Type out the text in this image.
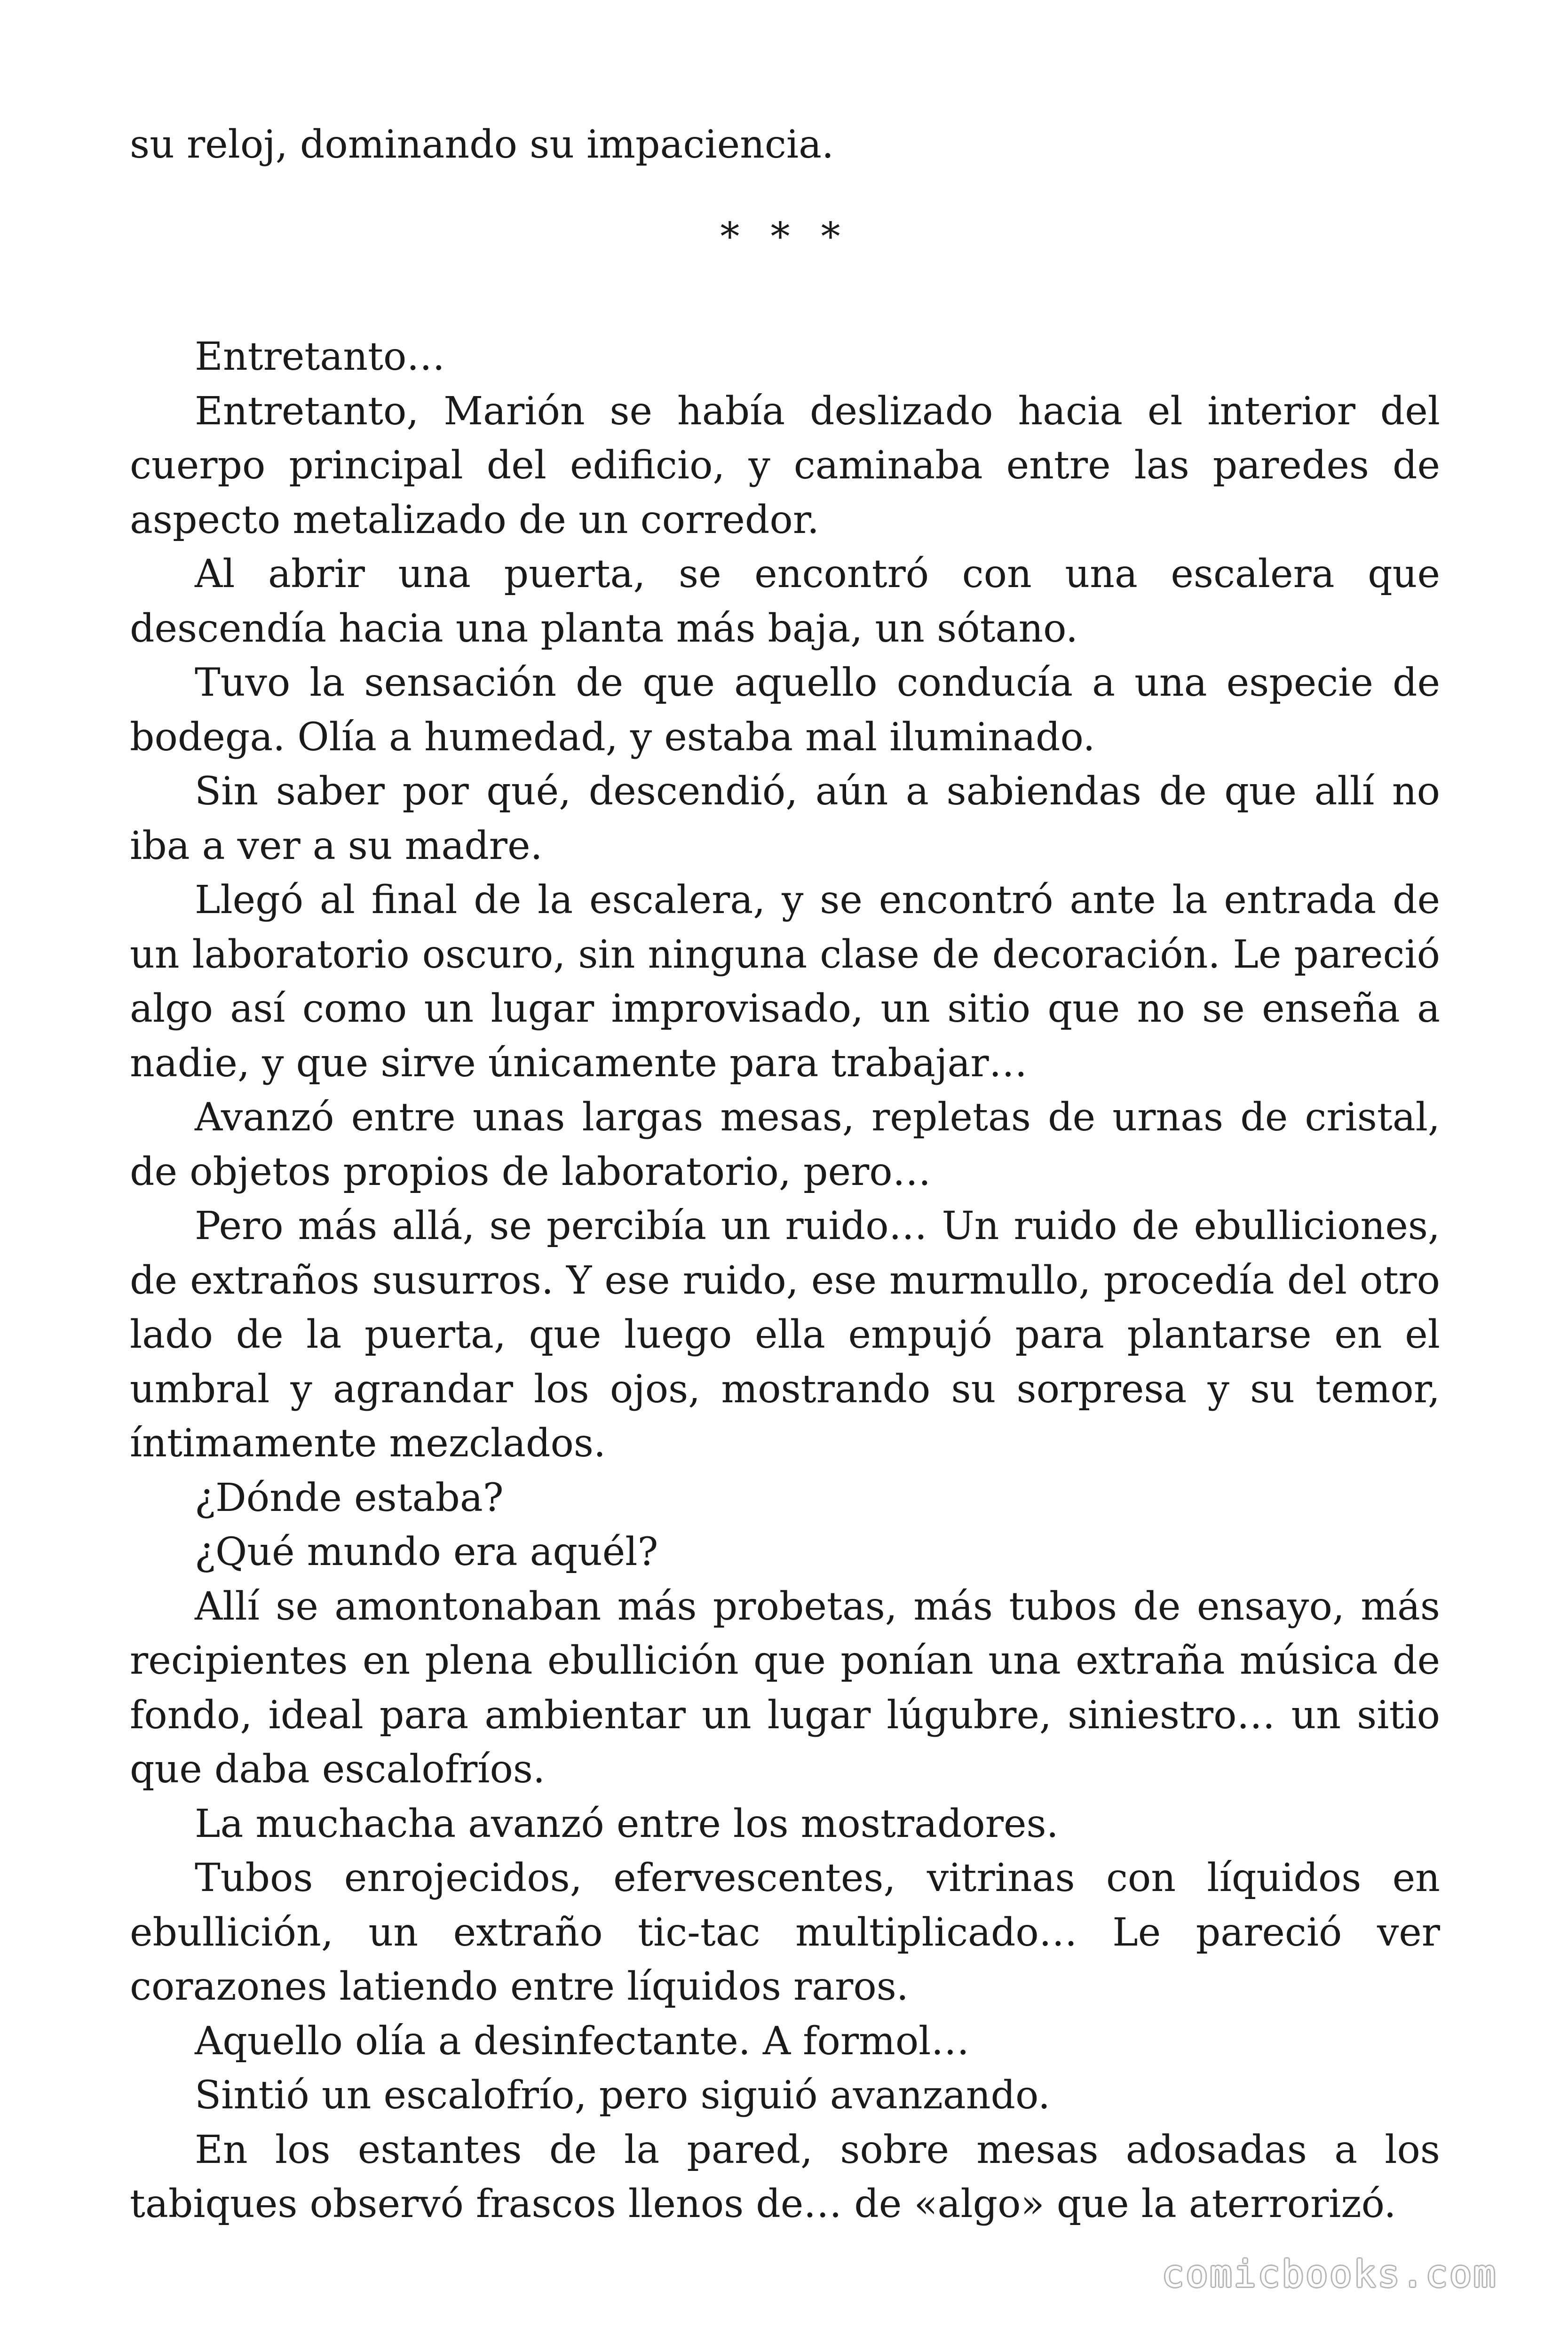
su reloj, dominando su impaciencia.

* * *

Entretanto…

Entretanto, Marión se había deslizado hacia el interior del cuerpo principal del edificio, y caminaba entre las paredes de aspecto metalizado de un corredor.

Al abrir una puerta, se encontró con una escalera que descendía hacia una planta más baja, un sótano.

Tuvo la sensación de que aquello conducía a una especie de bodega. Olía a humedad, y estaba mal iluminado.

Sin saber por qué, descendió, aún a sabiendas de que allí no iba a ver a su madre.

Llegó al final de la escalera, y se encontró ante la entrada de un laboratorio oscuro, sin ninguna clase de decoración. Le pareció algo así como un lugar improvisado, un sitio que no se enseña a nadie, y que sirve únicamente para trabajar…

Avanzó entre unas largas mesas, repletas de urnas de cristal, de objetos propios de laboratorio, pero…

Pero más allá, se percibía un ruido… Un ruido de ebulliciones, de extraños susurros. Y ese ruido, ese murmullo, procedía del otro lado de la puerta, que luego ella empujó para plantarse en el umbral y agrandar los ojos, mostrando su sorpresa y su temor, íntimamente mezclados.

¿Dónde estaba?

¿Qué mundo era aquél?

Allí se amontonaban más probetas, más tubos de ensayo, más recipientes en plena ebullición que ponían una extraña música de fondo, ideal para ambientar un lugar lúgubre, siniestro… un sitio que daba escalofríos.

La muchacha avanzó entre los mostradores.

Tubos enrojecidos, efervescentes, vitrinas con líquidos en ebullición, un extraño tic-tac multiplicado… Le pareció ver corazones latiendo entre líquidos raros.

Aquello olía a desinfectante. A formol…

Sintió un escalofrío, pero siguió avanzando.

En los estantes de la pared, sobre mesas adosadas a los tabiques observó frascos llenos de… de «algo» que la aterrorizó.

comicbooks.com
